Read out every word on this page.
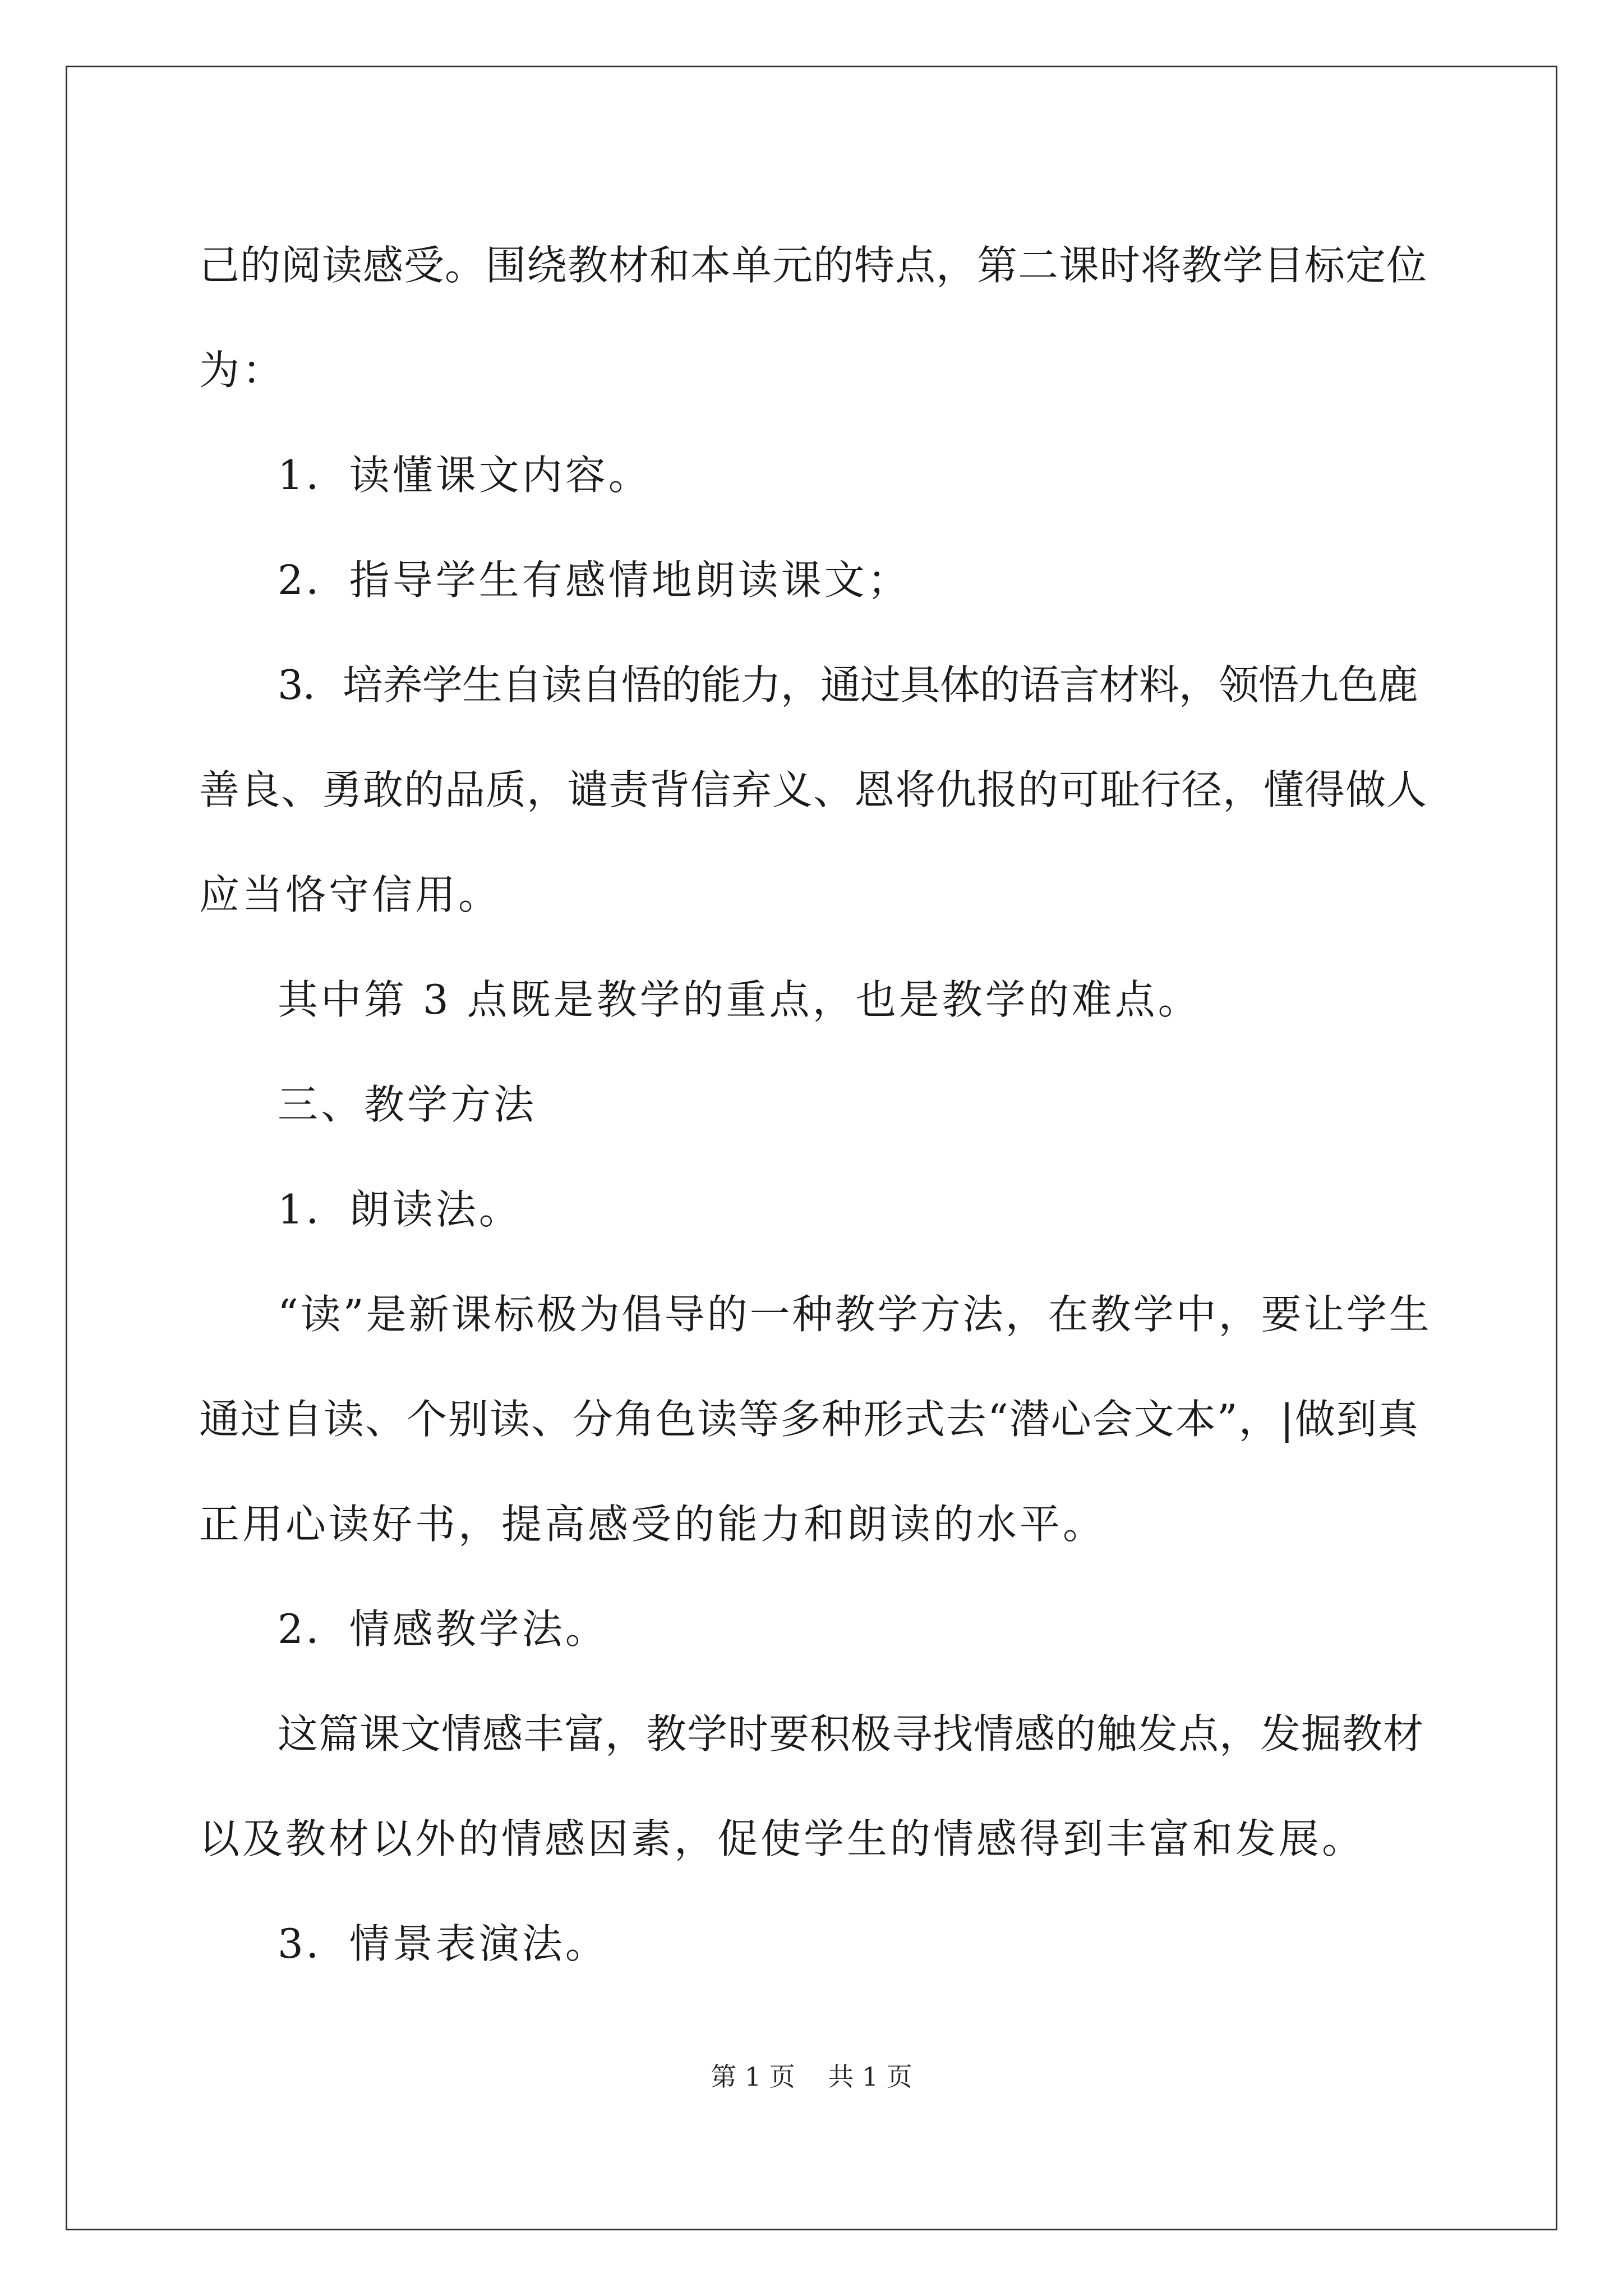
己的阅读感受。围绕教材和本单元的特点，第二课时将教学目标定位
为：
1．读懂课文内容。
2．指导学生有感情地朗读课文；
3．培养学生自读自悟的能力，通过具体的语言材料，领悟九色鹿
善良、勇敢的品质，谴责背信弃义、恩将仇报的可耻行径，懂得做人
应当恪守信用。
其中第 3 点既是教学的重点，也是教学的难点。
三、教学方法
1．朗读法。
“读”是新课标极为倡导的一种教学方法，在教学中，要让学生
通过自读、个别读、分角色读等多种形式去“潜心会文本”，|做到真
正用心读好书，提高感受的能力和朗读的水平。
2．情感教学法。
这篇课文情感丰富，教学时要积极寻找情感的触发点，发掘教材
以及教材以外的情感因素，促使学生的情感得到丰富和发展。
3．情景表演法。
第 1 页    共 1 页
